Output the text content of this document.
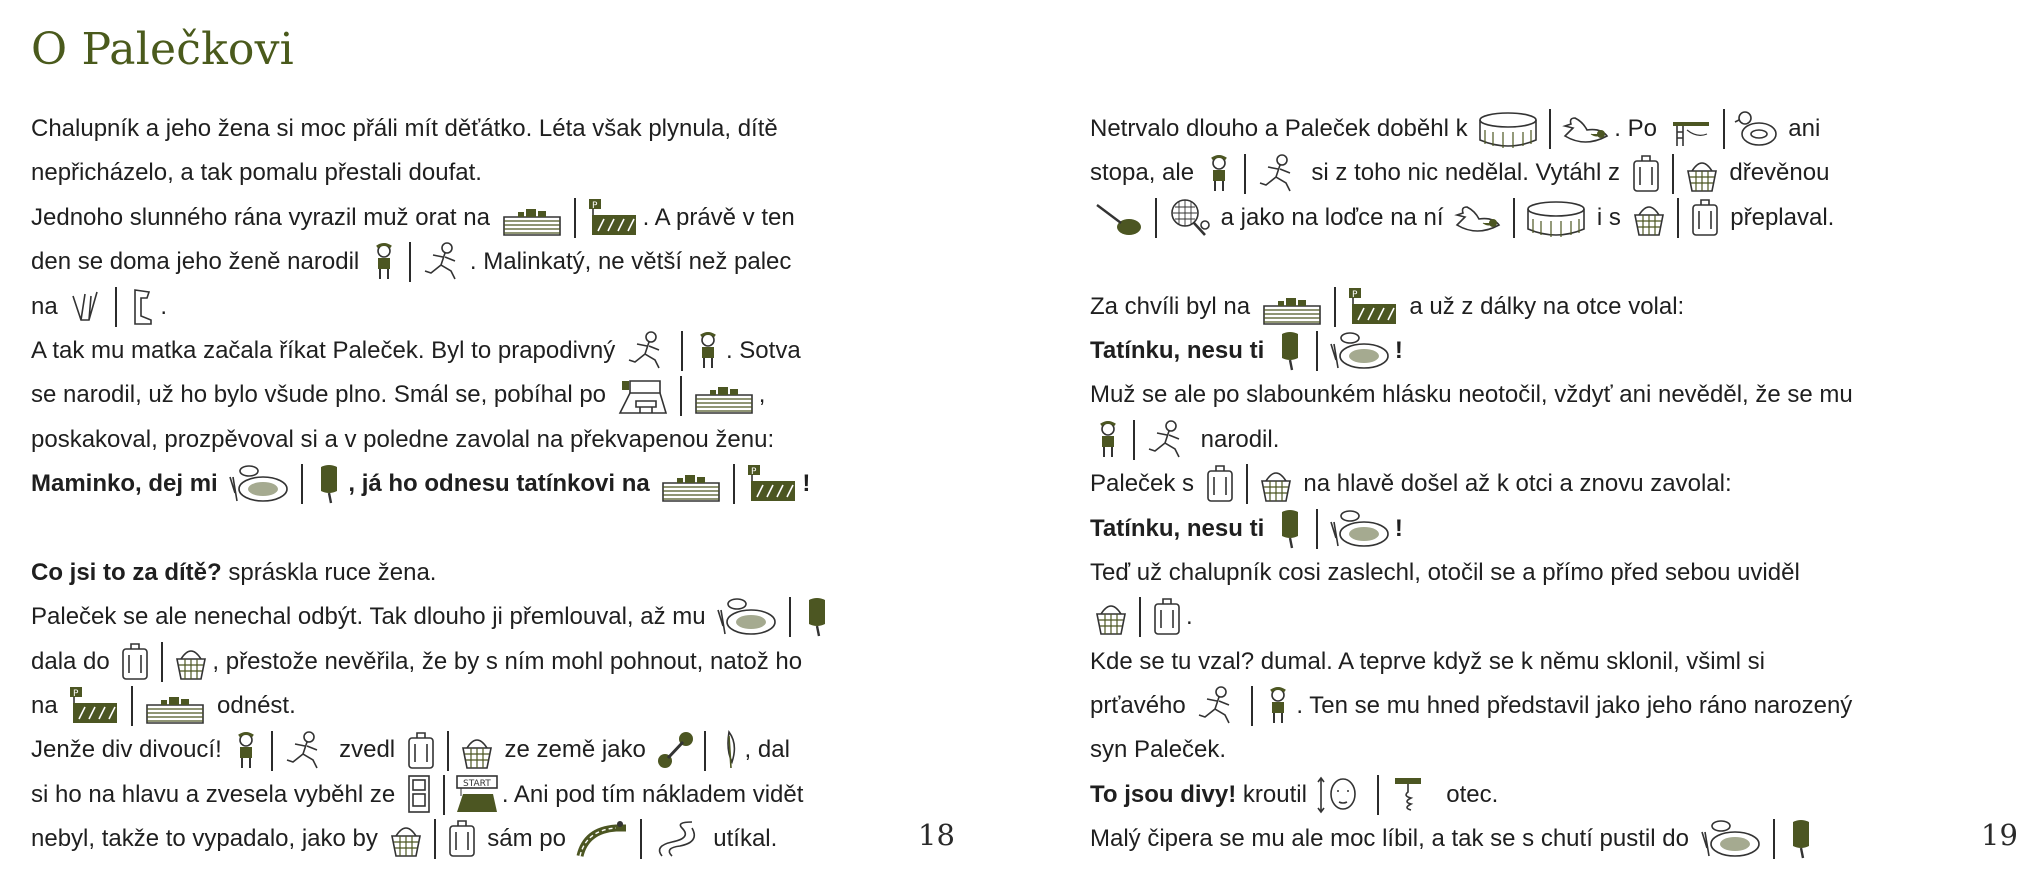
O Palečkovi
Chalupník a jeho žena si moc přáli mít děťátko. Léta však plynula, dítě
nepřicházelo, a tak pomalu přestali doufat.
Jednoho slunného rána vyrazil muž orat na	P . A právě v ten
den se doma jeho ženě narodil	. Malinkatý, ne větší než palec
na	.
A tak mu matka začala říkat Paleček. Byl to prapodivný	. Sotva
se narodil, už ho bylo všude plno. Smál se, pobíhal po	,
poskakoval, prozpěvoval si a v poledne zavolal na překvapenou ženu:
Maminko, dej mi	, já ho odnesu tatínkovi na	P !
Co jsi to za dítě? spráskla ruce žena.
Paleček se ale nenechal odbýt. Tak dlouho ji přemlouval, až mu
dala do	, přestože nevěřila, že by s ním mohl pohnout, natož ho
na P	odnést.
Jenže div divoucí!	zvedl	ze země jako	, dal
si ho na hlavu a zvesela vyběhl ze	START . Ani pod tím nákladem vidět
nebyl, takže to vypadalo, jako by	sám po	utíkal.	18
Netrvalo dlouho a Paleček doběhl k	. Po	ani
stopa, ale	si z toho nic nedělal. Vytáhl z	dřevěnou
a jako na loďce na ní	i s	přeplaval.
Za chvíli byl na	P a už z dálky na otce volal:
Tatínku, nesu ti	!
Muž se ale po slabounkém hlásku neotočil, vždyť ani nevěděl, že se mu
narodil.
Paleček s	na hlavě došel až k otci a znovu zavolal:
Tatínku, nesu ti	!
Teď už chalupník cosi zaslechl, otočil se a přímo před sebou uviděl
.
Kde se tu vzal? dumal. A teprve když se k němu sklonil, všiml si
prťavého	. Ten se mu hned představil jako jeho ráno narozený
syn Paleček.
To jsou divy! kroutil	otec.
Malý čipera se mu ale moc líbil, a tak se s chutí pustil do	19
